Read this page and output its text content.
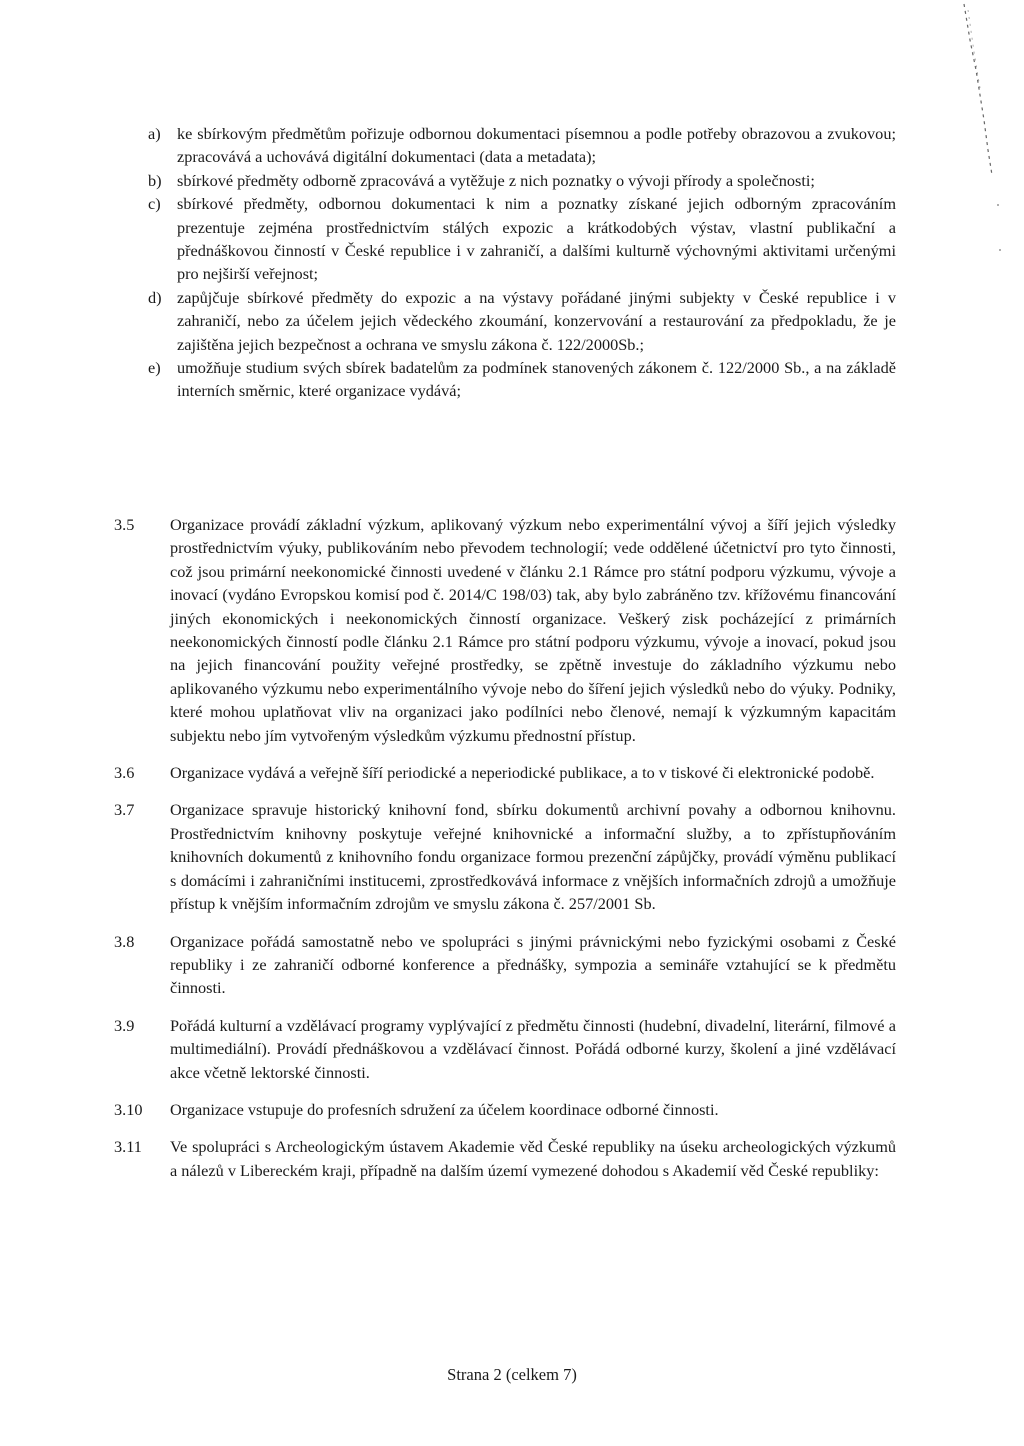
a)	ke sbírkovým předmětům pořizuje odbornou dokumentaci písemnou a podle potřeby obrazovou a zvukovou; zpracovává a uchovává digitální dokumentaci (data a metadata);
b) sbírkové předměty odborně zpracovává a vytěžuje z nich poznatky o vývoji přírody a společnosti;
c)	sbírkové předměty, odbornou dokumentaci k nim a poznatky získané jejich odborným zpracováním prezentuje zejména prostřednictvím stálých expozic a krátkodobých výstav, vlastní publikační a přednáškovou činností v České republice i v zahraničí, a dalšími kulturně výchovnými aktivitami určenými pro nejširší veřejnost;
d) zapůjčuje sbírkové předměty do expozic a na výstavy pořádané jinými subjekty v České republice i v zahraničí, nebo za účelem jejich vědeckého zkoumání, konzervování a restaurování za předpokladu, že je zajištěna jejich bezpečnost a ochrana ve smyslu zákona č. 122/2000Sb.;
e)	umožňuje studium svých sbírek badatelům za podmínek stanovených zákonem č. 122/2000 Sb., a na základě interních směrnic, které organizace vydává;
3.5	Organizace provádí základní výzkum, aplikovaný výzkum nebo experimentální vývoj a šíří jejich výsledky prostřednictvím výuky, publikováním nebo převodem technologií; vede oddělené účetnictví pro tyto činnosti, což jsou primární neekonomické činnosti uvedené v článku 2.1 Rámce pro státní podporu výzkumu, vývoje a inovací (vydáno Evropskou komisí pod č. 2014/C 198/03) tak, aby bylo zabráněno tzv. křížovému financování jiných ekonomických i neekonomických činností organizace. Veškerý zisk pocházející z primárních neekonomických činností podle článku 2.1 Rámce pro státní podporu výzkumu, vývoje a inovací, pokud jsou na jejich financování použity veřejné prostředky, se zpětně investuje do základního výzkumu nebo aplikovaného výzkumu nebo experimentálního vývoje nebo do šíření jejich výsledků nebo do výuky. Podniky, které mohou uplatňovat vliv na organizaci jako podílníci nebo členové, nemají k výzkumným kapacitám subjektu nebo jím vytvořeným výsledkům výzkumu přednostní přístup.
3.6	Organizace vydává a veřejně šíří periodické a neperiodické publikace, a to v tiskové či elektronické podobě.
3.7	Organizace spravuje historický knihovní fond, sbírku dokumentů archivní povahy a odbornou knihovnu. Prostřednictvím knihovny poskytuje veřejné knihovnické a informační služby, a to zpřístupňováním knihovních dokumentů z knihovního fondu organizace formou prezenční zápůjčky, provádí výměnu publikací s domácími i zahraničními institucemi, zprostředkovává informace z vnějších informačních zdrojů a umožňuje přístup k vnějším informačním zdrojům ve smyslu zákona č. 257/2001 Sb.
3.8	Organizace pořádá samostatně nebo ve spolupráci s jinými právnickými nebo fyzickými osobami z České republiky i ze zahraničí odborné konference a přednášky, sympozia a semináře vztahující se k předmětu činnosti.
3.9	Pořádá kulturní a vzdělávací programy vyplývající z předmětu činnosti (hudební, divadelní, literární, filmové a multimediální). Provádí přednáškovou a vzdělávací činnost. Pořádá odborné kurzy, školení a jiné vzdělávací akce včetně lektorské činnosti.
3.10	Organizace vstupuje do profesních sdružení za účelem koordinace odborné činnosti.
3.11	Ve spolupráci s Archeologickým ústavem Akademie věd České republiky na úseku archeologických výzkumů a nálezů v Libereckém kraji, případně na dalším území vymezené dohodou s Akademií věd České republiky:
Strana 2 (celkem 7)
